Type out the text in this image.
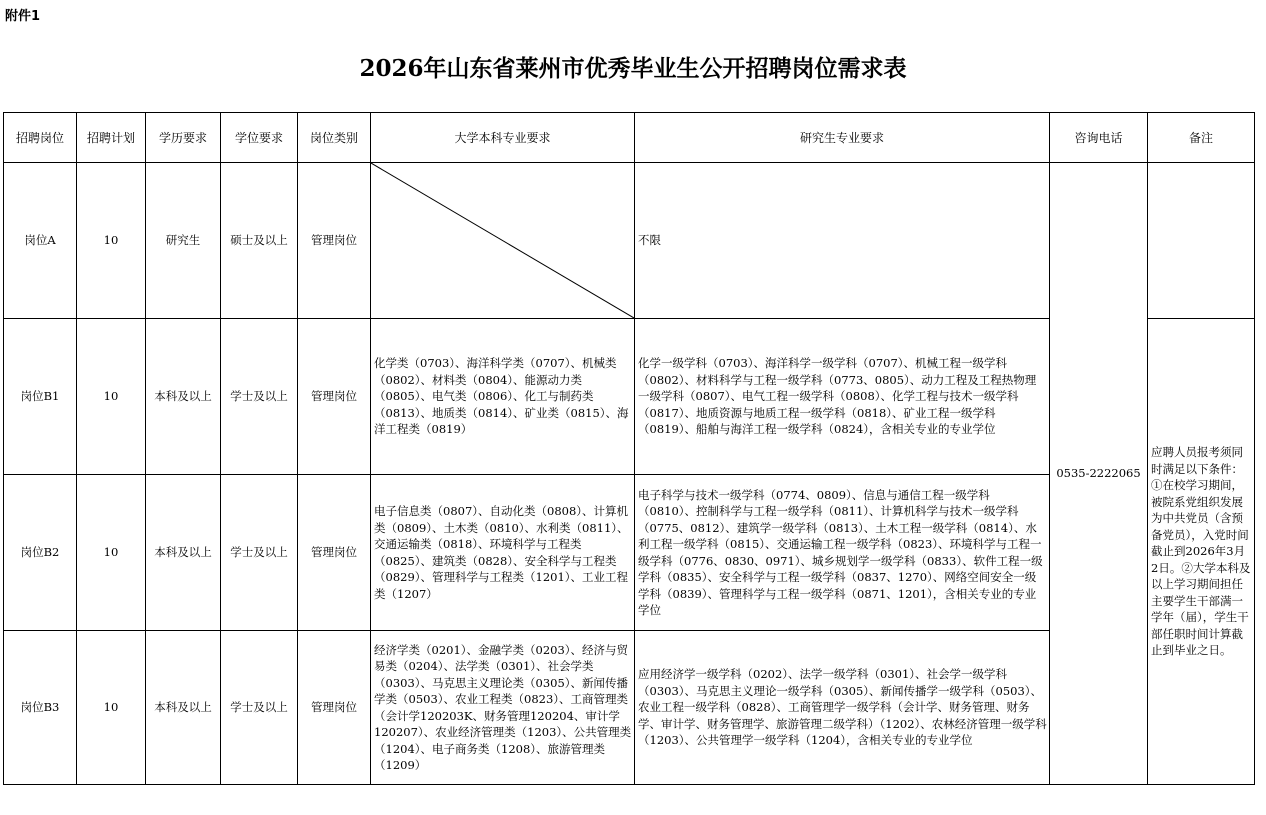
附件1
2026年山东省莱州市优秀毕业生公开招聘岗位需求表
招聘岗位	招聘计划	学历要求	学位要求	岗位类别	大学本科专业要求	研究生专业要求	咨询电话	备注
岗位A	10	研究生	硕士及以上	管理岗位		不限	0535-2222065	
岗位B1	10	本科及以上	学士及以上	管理岗位	化学类（0703）、海洋科学类（0707）、机械类（0802）、材料类（0804）、能源动力类（0805）、电气类（0806）、化工与制药类（0813）、地质类（0814）、矿业类（0815）、海洋工程类（0819）	化学一级学科（0703）、海洋科学一级学科（0707）、机械工程一级学科（0802）、材料科学与工程一级学科（0773、0805）、动力工程及工程热物理一级学科（0807）、电气工程一级学科（0808）、化学工程与技术一级学科（0817）、地质资源与地质工程一级学科（0818）、矿业工程一级学科（0819）、船舶与海洋工程一级学科（0824），含相关专业的专业学位		应聘人员报考须同时满足以下条件：①在校学习期间，被院系党组织发展为中共党员（含预备党员），入党时间截止到2026年3月2日。②大学本科及以上学习期间担任主要学生干部满一学年（届），学生干部任职时间计算截止到毕业之日。
岗位B2	10	本科及以上	学士及以上	管理岗位	电子信息类（0807）、自动化类（0808）、计算机类（0809）、土木类（0810）、水利类（0811）、交通运输类（0818）、环境科学与工程类（0825）、建筑类（0828）、安全科学与工程类（0829）、管理科学与工程类（1201）、工业工程类（1207）	电子科学与技术一级学科（0774、0809）、信息与通信工程一级学科（0810）、控制科学与工程一级学科（0811）、计算机科学与技术一级学科（0775、0812）、建筑学一级学科（0813）、土木工程一级学科（0814）、水利工程一级学科（0815）、交通运输工程一级学科（0823）、环境科学与工程一级学科（0776、0830、0971）、城乡规划学一级学科（0833）、软件工程一级学科（0835）、安全科学与工程一级学科（0837、1270）、网络空间安全一级学科（0839）、管理科学与工程一级学科（0871、1201），含相关专业的专业学位		
岗位B3	10	本科及以上	学士及以上	管理岗位	经济学类（0201）、金融学类（0203）、经济与贸易类（0204）、法学类（0301）、社会学类（0303）、马克思主义理论类（0305）、新闻传播学类（0503）、农业工程类（0823）、工商管理类（会计学120203K、财务管理120204、审计学120207）、农业经济管理类（1203）、公共管理类（1204）、电子商务类（1208）、旅游管理类（1209）	应用经济学一级学科（0202）、法学一级学科（0301）、社会学一级学科（0303）、马克思主义理论一级学科（0305）、新闻传播学一级学科（0503）、农业工程一级学科（0828）、工商管理学一级学科（会计学、财务管理、财务学、审计学、财务管理学、旅游管理二级学科）（1202）、农林经济管理一级学科（1203）、公共管理学一级学科（1204），含相关专业的专业学位		
